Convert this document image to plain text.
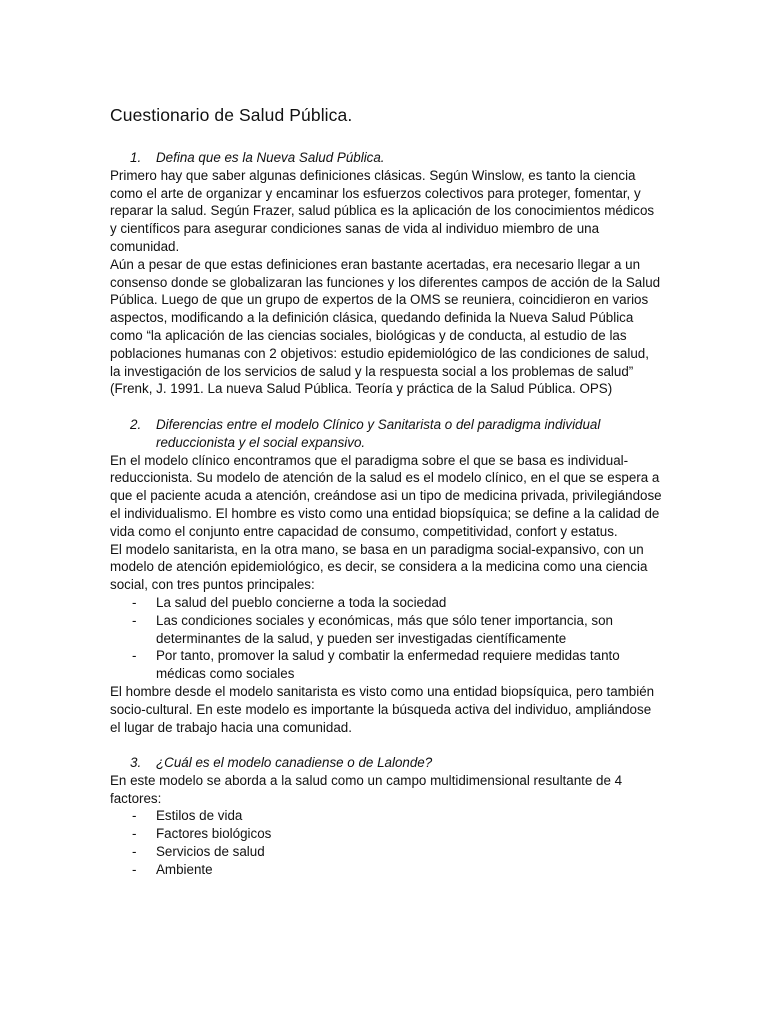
Cuestionario de Salud Pública.
1.	Defina que es la Nueva Salud Pública.

Primero hay que saber algunas definiciones clásicas. Según Winslow, es tanto la ciencia como el arte de organizar y encaminar los esfuerzos colectivos para proteger, fomentar, y reparar la salud. Según Frazer, salud pública es la aplicación de los conocimientos médicos y científicos para asegurar condiciones sanas de vida al individuo miembro de una comunidad.

Aún a pesar de que estas definiciones eran bastante acertadas, era necesario llegar a un consenso donde se globalizaran las funciones y los diferentes campos de acción de la Salud Pública. Luego de que un grupo de expertos de la OMS se reuniera, coincidieron en varios aspectos, modificando a la definición clásica, quedando definida la Nueva Salud Pública como “la aplicación de las ciencias sociales, biológicas y de conducta, al estudio de las poblaciones humanas con 2 objetivos: estudio epidemiológico de las condiciones de salud, la investigación de los servicios de salud y la respuesta social a los problemas de salud” (Frenk, J. 1991. La nueva Salud Pública. Teoría y práctica de la Salud Pública. OPS)

2.	Diferencias entre el modelo Clínico y Sanitarista o del paradigma individual reduccionista y el social expansivo.

En el modelo clínico encontramos que el paradigma sobre el que se basa es individual-reduccionista. Su modelo de atención de la salud es el modelo clínico, en el que se espera a que el paciente acuda a atención, creándose asi un tipo de medicina privada, privilegiándose el individualismo. El hombre es visto como una entidad biopsíquica; se define a la calidad de vida como el conjunto entre capacidad de consumo, competitividad, confort y estatus.

El modelo sanitarista, en la otra mano, se basa en un paradigma social-expansivo, con un modelo de atención epidemiológico, es decir, se considera a la medicina como una ciencia social, con tres puntos principales:

-	La salud del pueblo concierne a toda la sociedad
-	Las condiciones sociales y económicas, más que sólo tener importancia, son determinantes de la salud, y pueden ser investigadas científicamente
-	Por tanto, promover la salud y combatir la enfermedad requiere medidas tanto médicas como sociales

El hombre desde el modelo sanitarista es visto como una entidad biopsíquica, pero también socio-cultural. En este modelo es importante la búsqueda activa del individuo, ampliándose el lugar de trabajo hacia una comunidad.

3.	¿Cuál es el modelo canadiense o de Lalonde?

En este modelo se aborda a la salud como un campo multidimensional resultante de 4 factores:

-	Estilos de vida
-	Factores biológicos
-	Servicios de salud
-	Ambiente
